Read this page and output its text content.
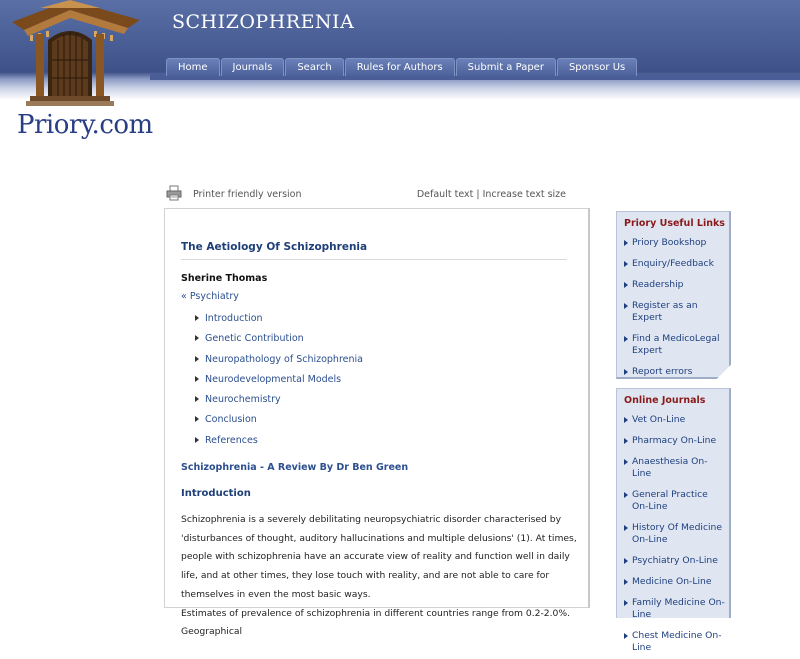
SCHIZOPHRENIA
Home	Journals	Search	Rules for Authors	Submit a Paper	Sponsor Us
Priory.com
Printer friendly version	Default text | Increase text size
The Aetiology Of Schizophrenia
Sherine Thomas
« Psychiatry
Introduction
Genetic Contribution
Neuropathology of Schizophrenia
Neurodevelopmental Models
Neurochemistry
Conclusion
References
Schizophrenia - A Review By Dr Ben Green
Introduction

Schizophrenia is a severely debilitating neuropsychiatric disorder characterised by 'disturbances of thought, auditory hallucinations and multiple delusions' (1). At times, people with schizophrenia have an accurate view of reality and function well in daily life, and at other times, they lose touch with reality, and are not able to care for themselves in even the most basic ways.

Estimates of prevalence of schizophrenia in different countries range from 0.2-2.0%. Geographical

Priory Useful Links
Priory Bookshop
Enquiry/Feedback
Readership
Register as an Expert
Find a MedicoLegal Expert
Report errors
Online Journals
Vet On-Line
Pharmacy On-Line
Anaesthesia On-Line
General Practice On-Line
History Of Medicine On-Line
Psychiatry On-Line
Medicine On-Line
Family Medicine On-Line
Chest Medicine On-Line
